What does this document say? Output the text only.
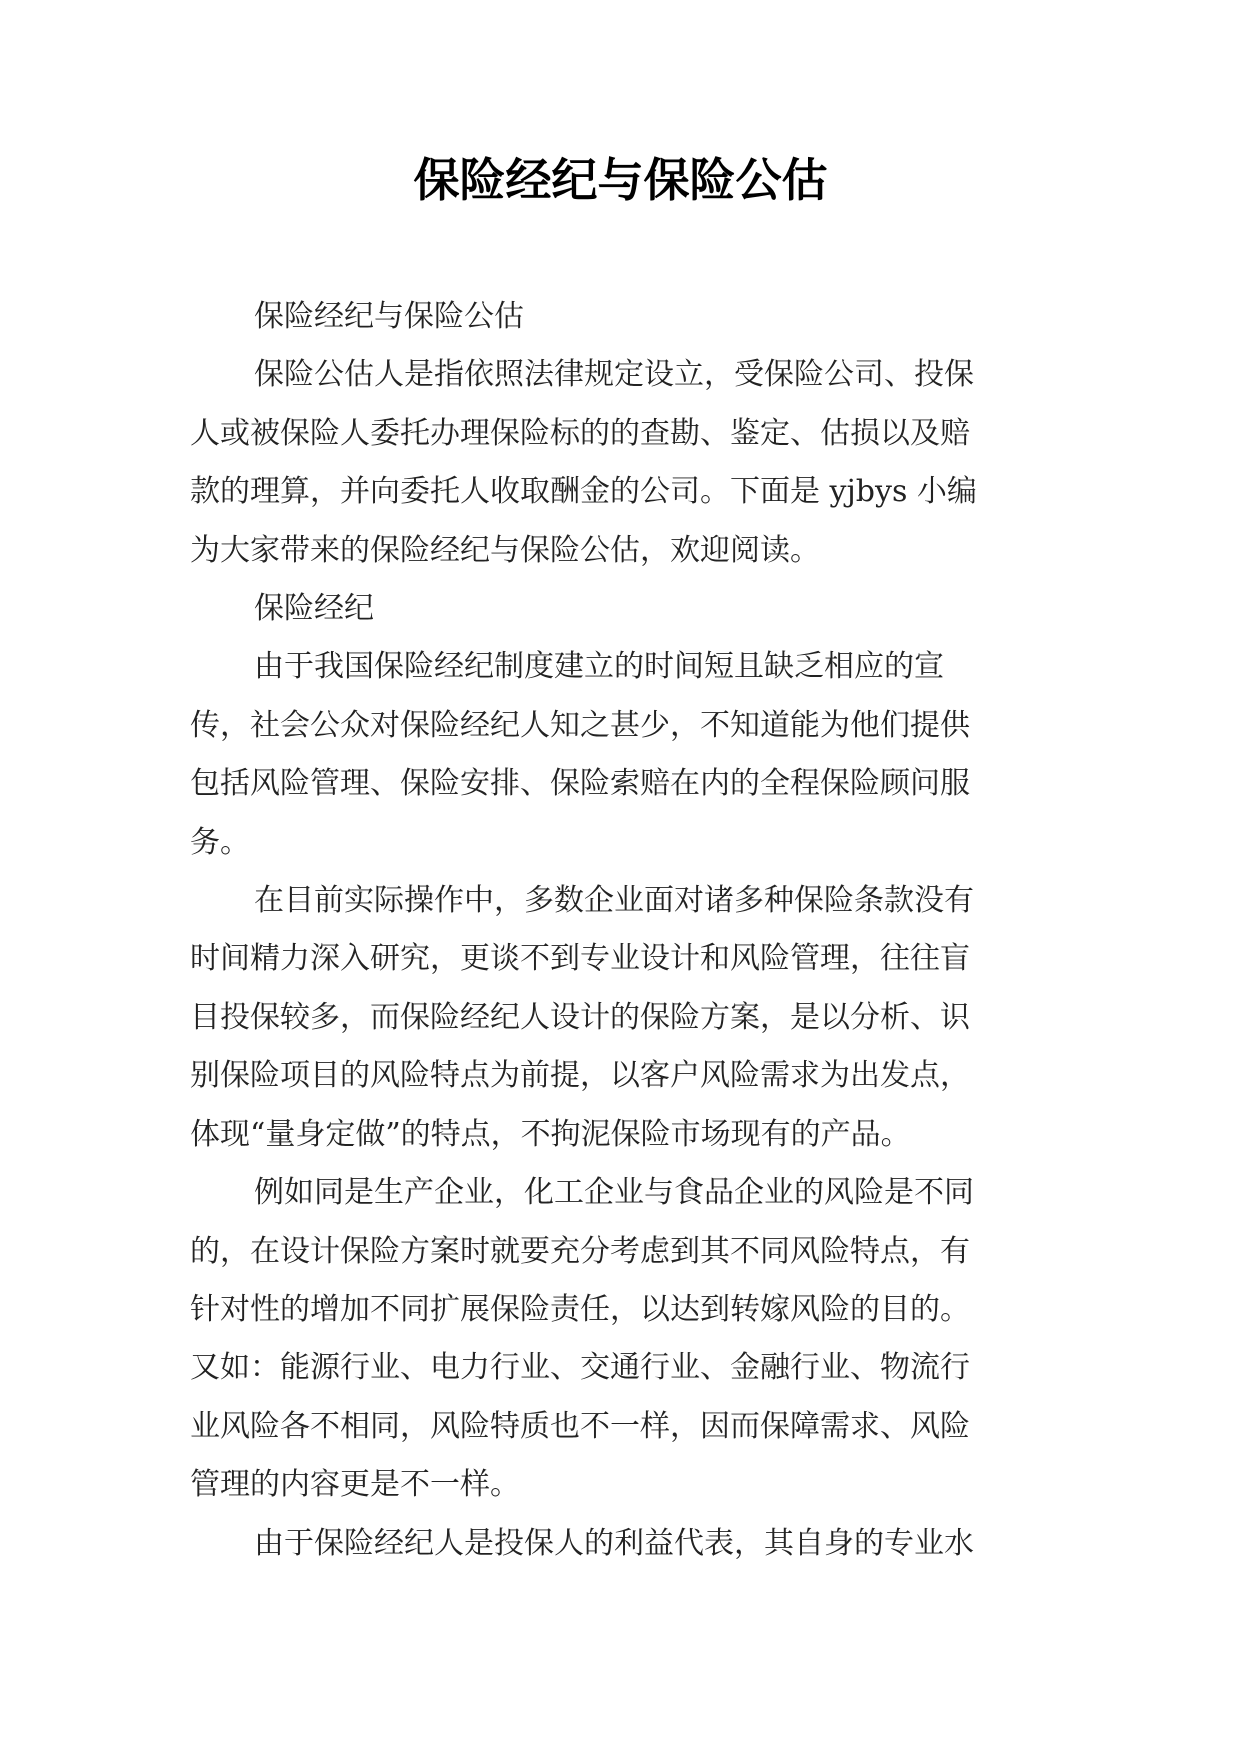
保险经纪与保险公估
保险经纪与保险公估
保险公估人是指依照法律规定设立，受保险公司、投保
人或被保险人委托办理保险标的的查勘、鉴定、估损以及赔
款的理算，并向委托人收取酬金的公司。下面是 yjbys 小编
为大家带来的保险经纪与保险公估，欢迎阅读。
保险经纪
由于我国保险经纪制度建立的时间短且缺乏相应的宣
传，社会公众对保险经纪人知之甚少，不知道能为他们提供
包括风险管理、保险安排、保险索赔在内的全程保险顾问服
务。
在目前实际操作中，多数企业面对诸多种保险条款没有
时间精力深入研究，更谈不到专业设计和风险管理，往往盲
目投保较多，而保险经纪人设计的保险方案，是以分析、识
别保险项目的风险特点为前提，以客户风险需求为出发点，
体现“量身定做”的特点，不拘泥保险市场现有的产品。
例如同是生产企业，化工企业与食品企业的风险是不同
的，在设计保险方案时就要充分考虑到其不同风险特点，有
针对性的增加不同扩展保险责任，以达到转嫁风险的目的。
又如：能源行业、电力行业、交通行业、金融行业、物流行
业风险各不相同，风险特质也不一样，因而保障需求、风险
管理的内容更是不一样。
由于保险经纪人是投保人的利益代表，其自身的专业水
